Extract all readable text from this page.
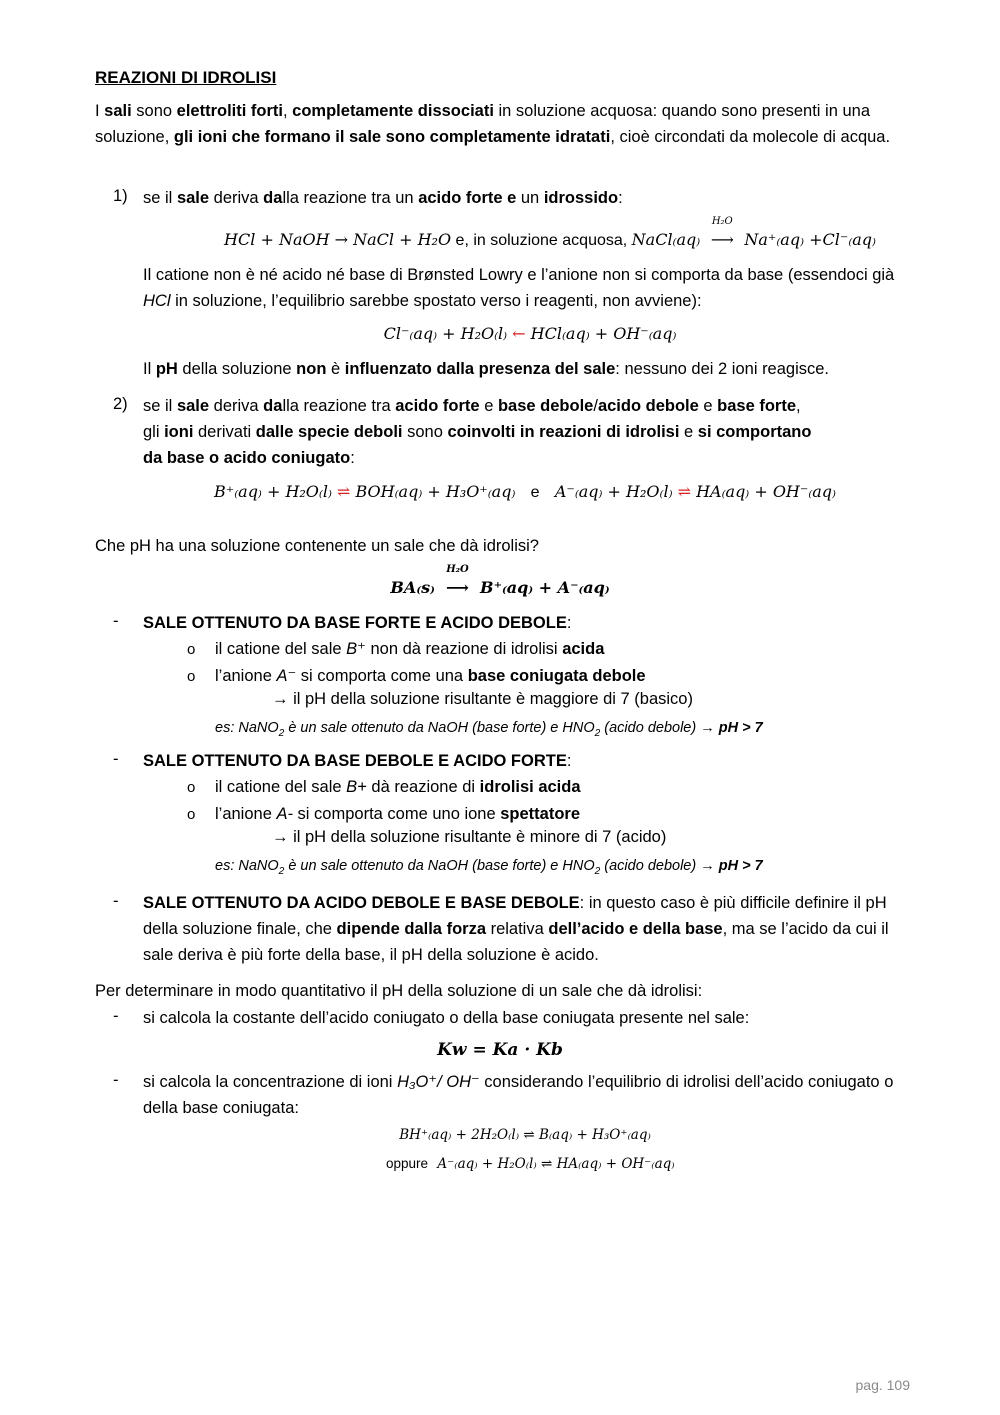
REAZIONI DI IDROLISI
I sali sono elettroliti forti, completamente dissociati in soluzione acquosa: quando sono presenti in una soluzione, gli ioni che formano il sale sono completamente idratati, cioè circondati da molecole di acqua.
1) se il sale deriva dalla reazione tra un acido forte e un idrossido:
HCl + NaOH → NaCl + H₂O e, in soluzione acquosa, NaCl₍aq₎
H₂O
⟶ Na⁺₍aq₎ +Cl⁻₍aq₎
Il catione non è né acido né base di Brønsted Lowry e l’anione non si comporta da base (essendoci già HCl in soluzione, l’equilibrio sarebbe spostato verso i reagenti, non avviene):
Cl⁻₍aq₎ + H₂O₍l₎ ← HCl₍aq₎ + OH⁻₍aq₎
Il pH della soluzione non è influenzato dalla presenza del sale: nessuno dei 2 ioni reagisce.
2) se il sale deriva dalla reazione tra acido forte e base debole/acido debole e base forte,
gli ioni derivati dalle specie deboli sono coinvolti in reazioni di idrolisi e si comportano
da base o acido coniugato:
B⁺₍aq₎ + H₂O₍l₎ ⇌ BOH₍aq₎ + H₃O⁺₍aq₎ e A⁻₍aq₎ + H₂O₍l₎ ⇌ HA₍aq₎ + OH⁻₍aq₎
Che pH ha una soluzione contenente un sale che dà idrolisi?
BA₍s₎
H₂O
⟶ B⁺₍aq₎ + A⁻₍aq₎
- SALE OTTENUTO DA BASE FORTE E ACIDO DEBOLE:
o il catione del sale B⁺ non dà reazione di idrolisi acida
o l’anione A⁻ si comporta come una base coniugata debole
→ il pH della soluzione risultante è maggiore di 7 (basico)
es: NaNO$_2$ è un sale ottenuto da NaOH (base forte) e $HNO_2$ (acido debole) → pH > 7
- SALE OTTENUTO DA BASE DEBOLE E ACIDO FORTE:
o il catione del sale B+ dà reazione di idrolisi acida
o l’anione A- si comporta come uno ione spettatore
→ il pH della soluzione risultante è minore di 7 (acido)
es: NaNO$_2$ è un sale ottenuto da NaOH (base forte) e $HNO_2$ (acido debole) → pH > 7
- SALE OTTENUTO DA ACIDO DEBOLE E BASE DEBOLE: in questo caso è più difficile definire il pH della soluzione finale, che dipende dalla forza relativa dell’acido e della base, ma se l’acido da cui il sale deriva è più forte della base, il pH della soluzione è acido.
Per determinare in modo quantitativo il pH della soluzione di un sale che dà idrolisi:
- si calcola la costante dell’acido coniugato o della base coniugata presente nel sale:
Kw = Ka · Kb
- si calcola la concentrazione di ioni H₃O⁺/ OH⁻ considerando l’equilibrio di idrolisi dell’acido coniugato o della base coniugata:
BH⁺₍aq₎ + 2H₂O₍l₎ ⇌ B₍aq₎ + H₃O⁺₍aq₎
oppure A⁻₍aq₎ + H₂O₍l₎ ⇌ HA₍aq₎ + OH⁻₍aq₎
pag. 109
